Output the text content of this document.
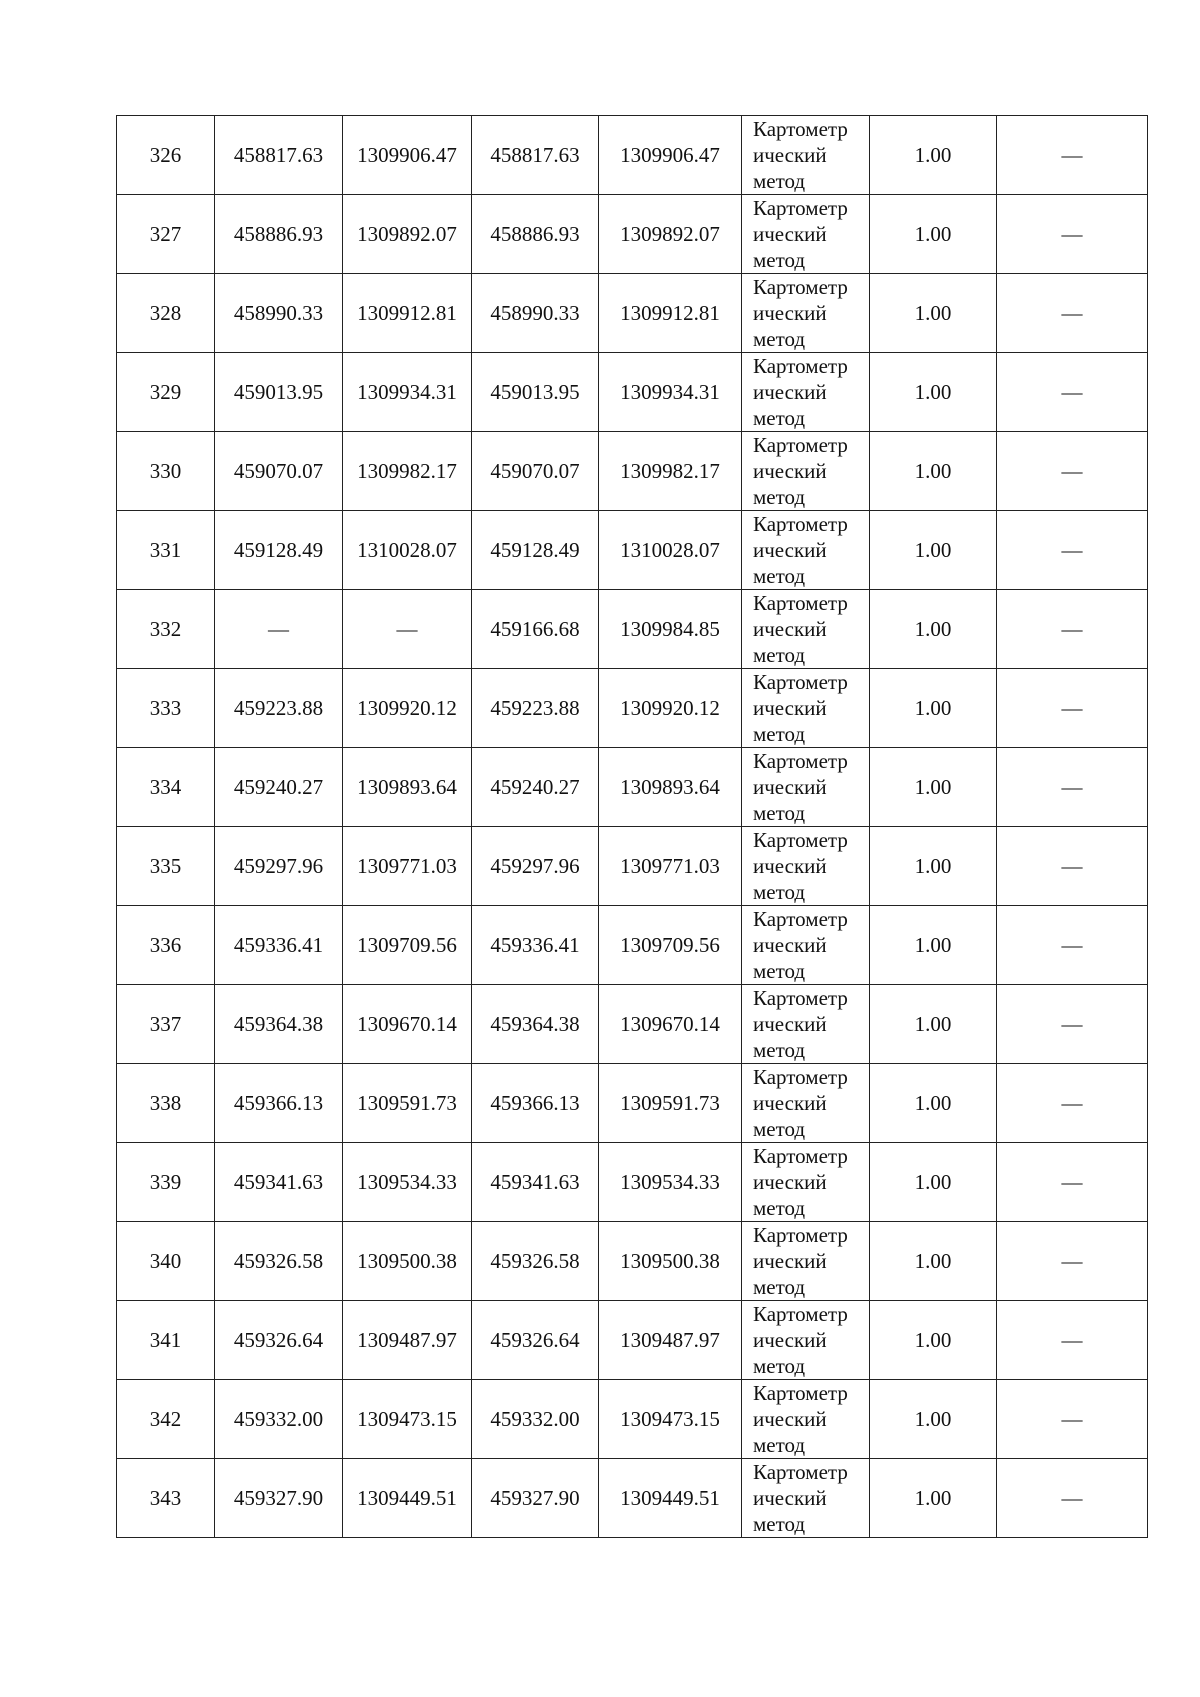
326	458817.63	1309906.47	458817.63	1309906.47	Картометр
ический
метод	1.00	—
327	458886.93	1309892.07	458886.93	1309892.07	Картометр
ический
метод	1.00	—
328	458990.33	1309912.81	458990.33	1309912.81	Картометр
ический
метод	1.00	—
329	459013.95	1309934.31	459013.95	1309934.31	Картометр
ический
метод	1.00	—
330	459070.07	1309982.17	459070.07	1309982.17	Картометр
ический
метод	1.00	—
331	459128.49	1310028.07	459128.49	1310028.07	Картометр
ический
метод	1.00	—
332	—	—	459166.68	1309984.85	Картометр
ический
метод	1.00	—
333	459223.88	1309920.12	459223.88	1309920.12	Картометр
ический
метод	1.00	—
334	459240.27	1309893.64	459240.27	1309893.64	Картометр
ический
метод	1.00	—
335	459297.96	1309771.03	459297.96	1309771.03	Картометр
ический
метод	1.00	—
336	459336.41	1309709.56	459336.41	1309709.56	Картометр
ический
метод	1.00	—
337	459364.38	1309670.14	459364.38	1309670.14	Картометр
ический
метод	1.00	—
338	459366.13	1309591.73	459366.13	1309591.73	Картометр
ический
метод	1.00	—
339	459341.63	1309534.33	459341.63	1309534.33	Картометр
ический
метод	1.00	—
340	459326.58	1309500.38	459326.58	1309500.38	Картометр
ический
метод	1.00	—
341	459326.64	1309487.97	459326.64	1309487.97	Картометр
ический
метод	1.00	—
342	459332.00	1309473.15	459332.00	1309473.15	Картометр
ический
метод	1.00	—
343	459327.90	1309449.51	459327.90	1309449.51	Картометр
ический
метод	1.00	—
